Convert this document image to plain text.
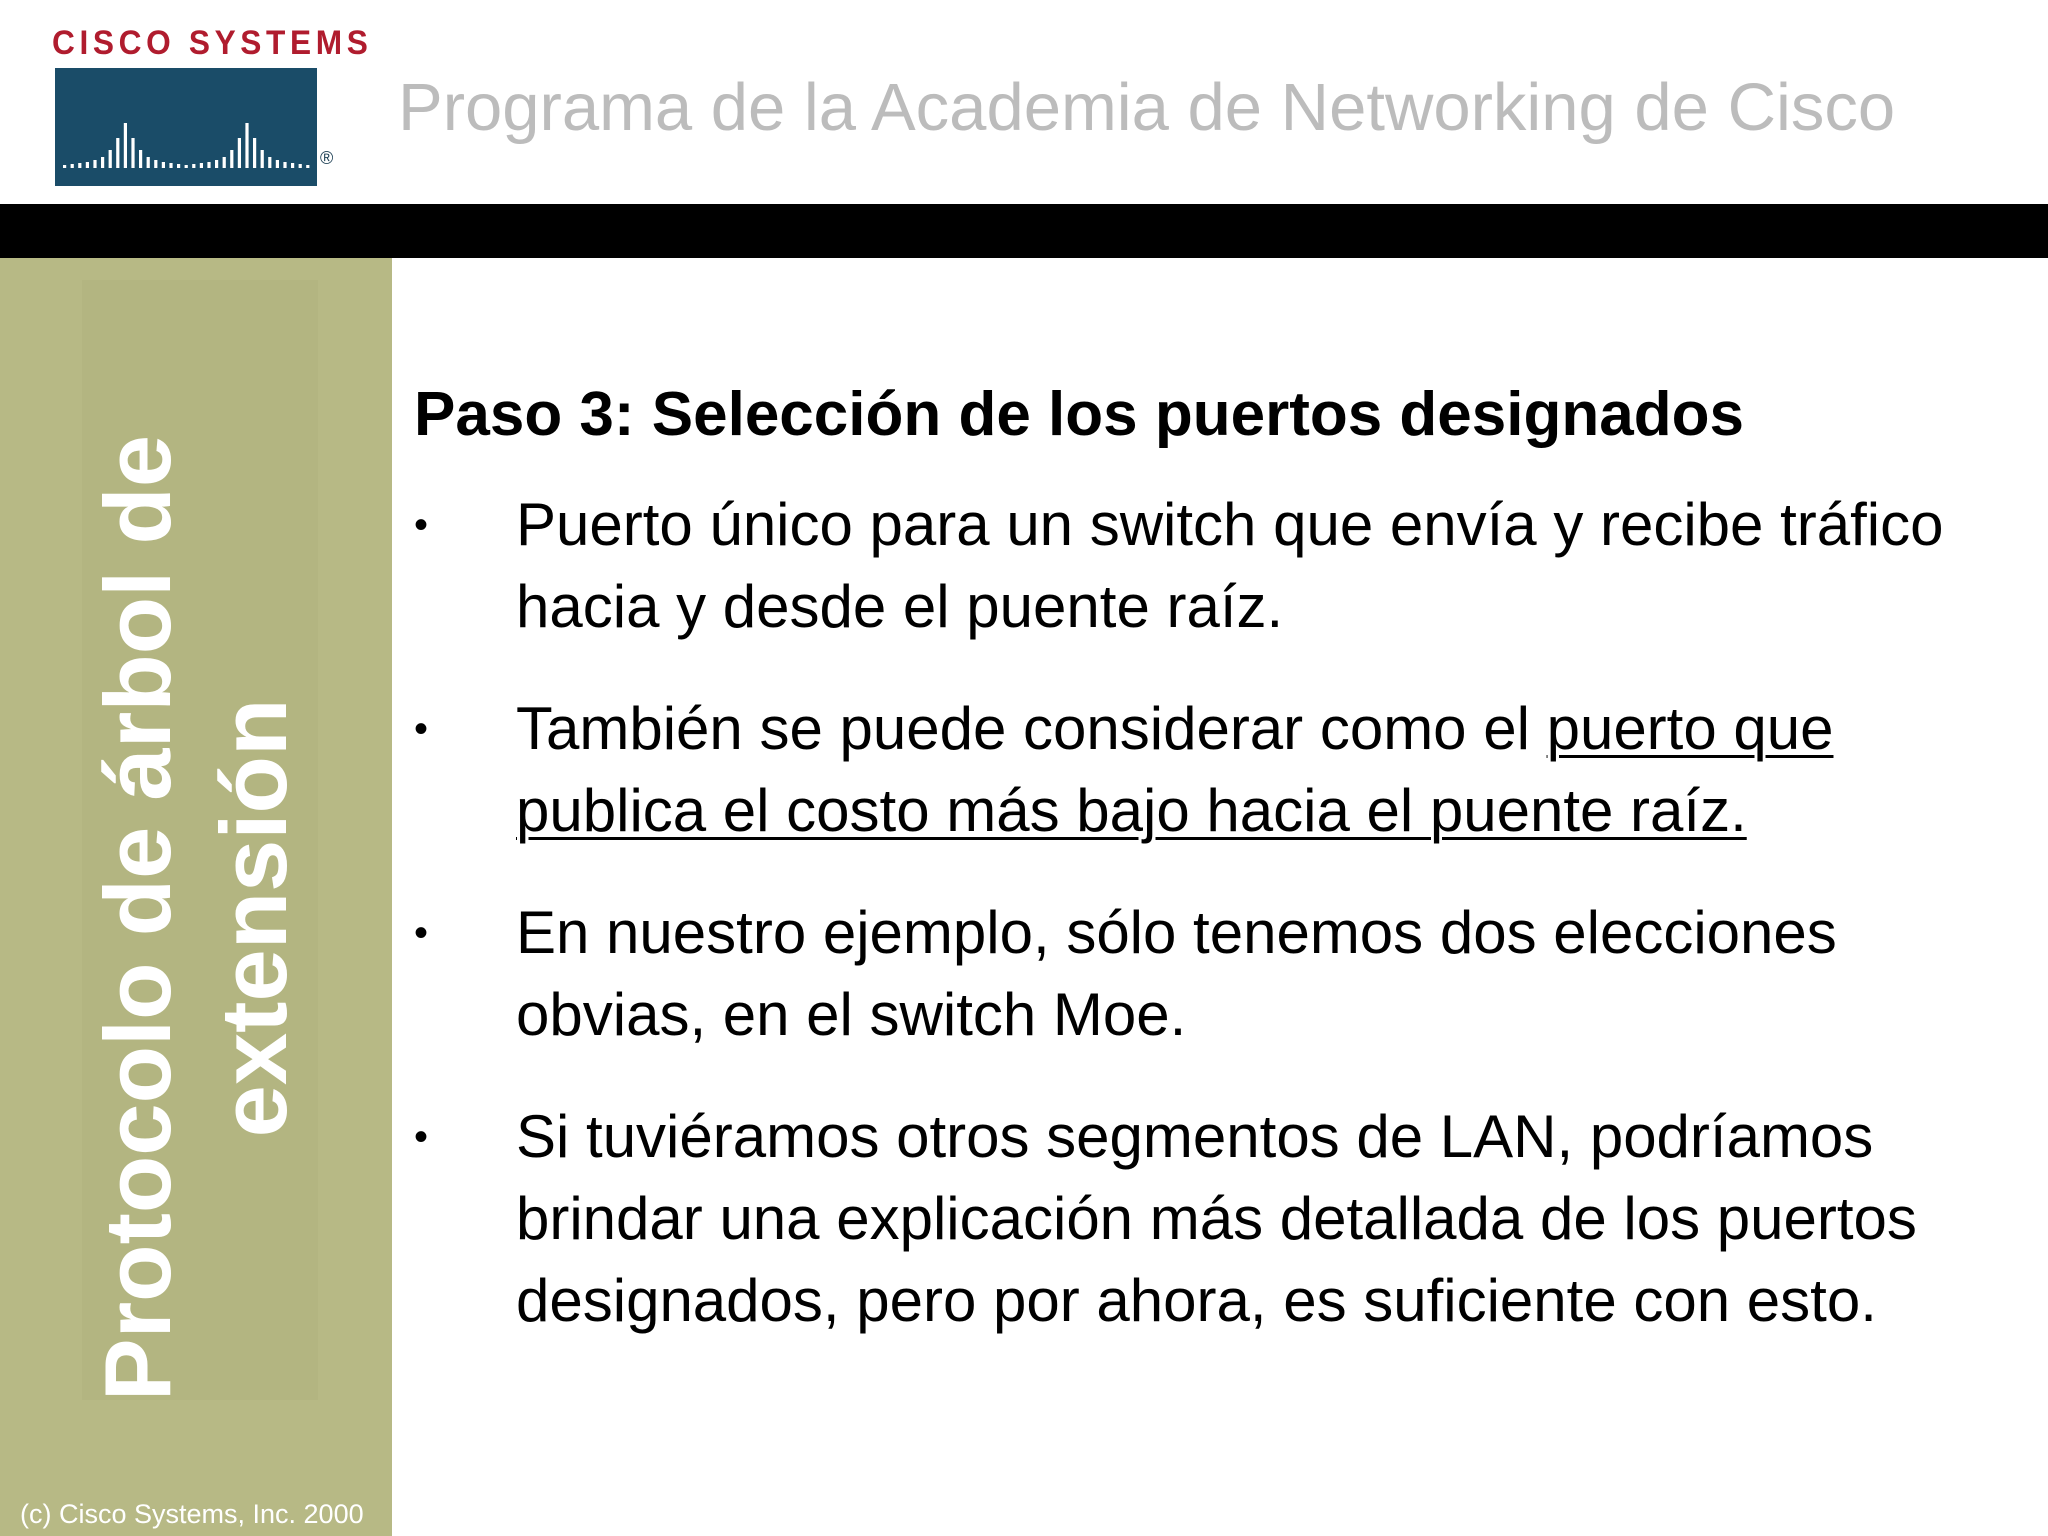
CISCO SYSTEMS
®
Programa de la Academia de Networking de Cisco
Protocolo de árbol de extensión
(c) Cisco Systems, Inc. 2000
Paso 3: Selección de los puertos designados
•	Puerto único para un switch que envía y recibe tráfico hacia y desde el puente raíz.
•	También se puede considerar como el puerto que publica el costo más bajo hacia el puente raíz.
•	En nuestro ejemplo, sólo tenemos dos elecciones obvias, en el switch Moe.
•	Si tuviéramos otros segmentos de LAN, podríamos brindar una explicación más detallada de los puertos designados, pero por ahora, es suficiente con esto.
